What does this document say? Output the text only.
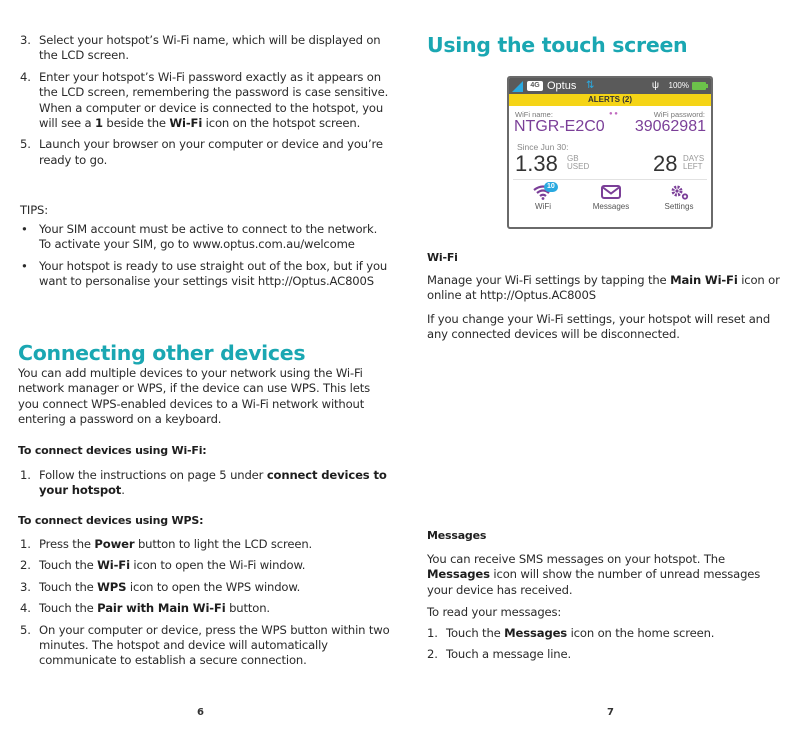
3. Select your hotspot’s Wi-Fi name, which will be displayed on the LCD screen.
4. Enter your hotspot’s Wi-Fi password exactly as it appears on the LCD screen, remembering the password is case sensitive. When a computer or device is connected to the hotspot, you will see a 1 beside the Wi-Fi icon on the hotspot screen.
5. Launch your browser on your computer or device and you’re ready to go.
TIPS:
• Your SIM account must be active to connect to the network. To activate your SIM, go to www.optus.com.au/welcome
• Your hotspot is ready to use straight out of the box, but if you want to personalise your settings visit http://Optus.AC800S
Connecting other devices
You can add multiple devices to your network using the Wi-Fi network manager or WPS, if the device can use WPS. This lets you connect WPS-enabled devices to a Wi-Fi network without entering a password on a keyboard.
To connect devices using Wi-Fi:
1. Follow the instructions on page 5 under connect devices to your hotspot.
To connect devices using WPS:
1. Press the Power button to light the LCD screen.
2. Touch the Wi-Fi icon to open the Wi-Fi window.
3. Touch the WPS icon to open the WPS window.
4. Touch the Pair with Main Wi-Fi button.
5. On your computer or device, press the WPS button within two minutes. The hotspot and device will automatically communicate to establish a secure connection.
6
Using the touch screen
Wi-Fi
Manage your Wi-Fi settings by tapping the Main Wi-Fi icon or online at http://Optus.AC800S
If you change your Wi-Fi settings, your hotspot will reset and any connected devices will be disconnected.
Messages
You can receive SMS messages on your hotspot. The Messages icon will show the number of unread messages your device has received.
To read your messages:
1. Touch the Messages icon on the home screen.
2. Touch a message line.
7
4G Optus ⇅	ψ 100%
ALERTS (2)
WiFi name:
NTGR-E2C0
● ●	WiFi password:
39062981
Since Jun 30:
1.38 GB
USED	28 DAYS
LEFT
10
WiFi	Messages	Settings
